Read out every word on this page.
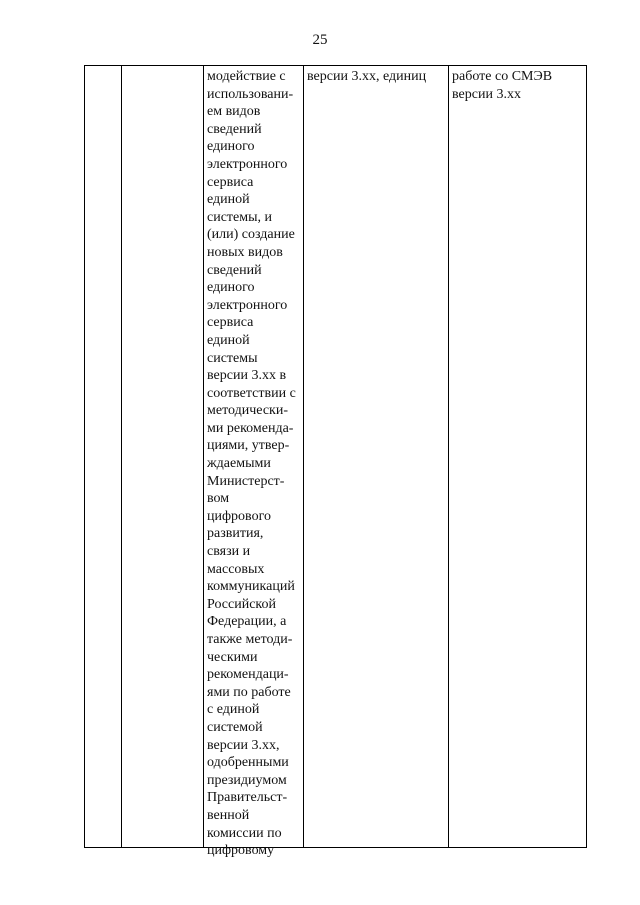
25
модействие с
использовани-
ем видов
сведений
единого
электронного
сервиса
единой
системы, и
(или) создание
новых видов
сведений
единого
электронного
сервиса
единой
системы
версии 3.хх в
соответствии с
методически-
ми рекоменда-
циями, утвер-
ждаемыми
Министерст-
вом
цифрового
развития,
связи и
массовых
коммуникаций
Российской
Федерации, а
также методи-
ческими
рекомендаци-
ями по работе
с единой
системой
версии 3.хх,
одобренными
президиумом
Правительст-
венной
комиссии по
цифровому
версии 3.хх, единиц работе со СМЭВ
версии 3.хх
